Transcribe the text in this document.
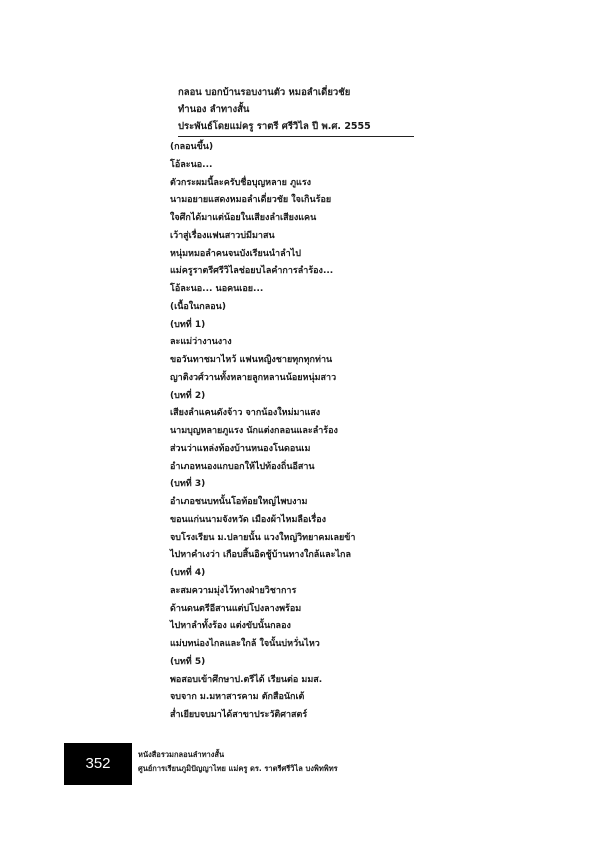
กลอน บอกบ้านรอบงานตัว หมอลำเดี่ยวชัย
ทำนอง ลำทางสั้น
ประพันธ์โดยแม่ครู ราตรี ศรีวิไล ปี พ.ศ. 2555
(กลอนขึ้น)
โอ้ละนอ...
ตัวกระผมนี้ละครับชื่อบุญหลาย ภูแรง
นามอยายแสดงหมอลำเดี่ยวชัย ใจเกินร้อย
ใจศึกได้มาแต่น้อยในเสียงลำเสียงแคน
เว้าสู่เรื่องแฟนสาวบ่มีมาสน
หนุ่มหมอลำคนจนบังเรียนนำลำไป
แม่ครูราตรีศรีวิไลช่อยบไลคำการลำร้อง...
โอ้ละนอ... นอคนเอย...
(เนื้อในกลอน)
(บทที่ 1)
ละแม่ว่างานงาง
ขอวันทาชมาไหว้ แฟนหญิงชายทุกทุกท่าน
ญาติงวศ์วานทั้งหลายลูกหลานน้อยหนุ่มสาว
(บทที่ 2)
เสียงลำแคนดังจ้าว จากน้องใหม่มาแสง
นามบุญหลายภูแรง นักแต่งกลอนและลำร้อง
ส่วนว่าแหล่งท้องบ้านหนองโนดอนเม
อำเภอหนองแกบอกให้ไปท้องถิ่นอีสาน
(บทที่ 3)
อำเภอชนบทนั้นโอท้อยใหญ่ไพบงาม
ขอนแก่นนามจังหวัด เมืองผ้าไหมลือเรื่อง
จบโรงเรียน ม.ปลายนั้น แวงใหญ่วิทยาคมเลยข้า
ไปหาคำเงว่า เกือบสิ้นอิดชู้บ้านทางใกล้และไกล
(บทที่ 4)
ละสมความมุ่งไว้ทางฝ่ายวิชาการ
ด้านดนตรีอีสานแต่บ่โปงลางพร้อม
ไปหาลำทั้งร้อง แต่งขับนั้นกลอง
แม่บทน่องไกลและใกล้ ใจนั้นบ่หวั่นไหว
(บทที่ 5)
พอสอบเข้าศึกษาป.ตรีได้ เรียนต่อ มมส.
จบจาก ม.มหาสารคาม ตักสือนักเต้
ส่ำเยียบจบมาได้สาขาประวัติศาสตร์
352
หนังสือรวมกลอนลำทางสั้น
ศูนย์การเรียนภูมิปัญญาไทย แม่ครู ดร. ราตรีศรีวิไล บงพิทพิทร
